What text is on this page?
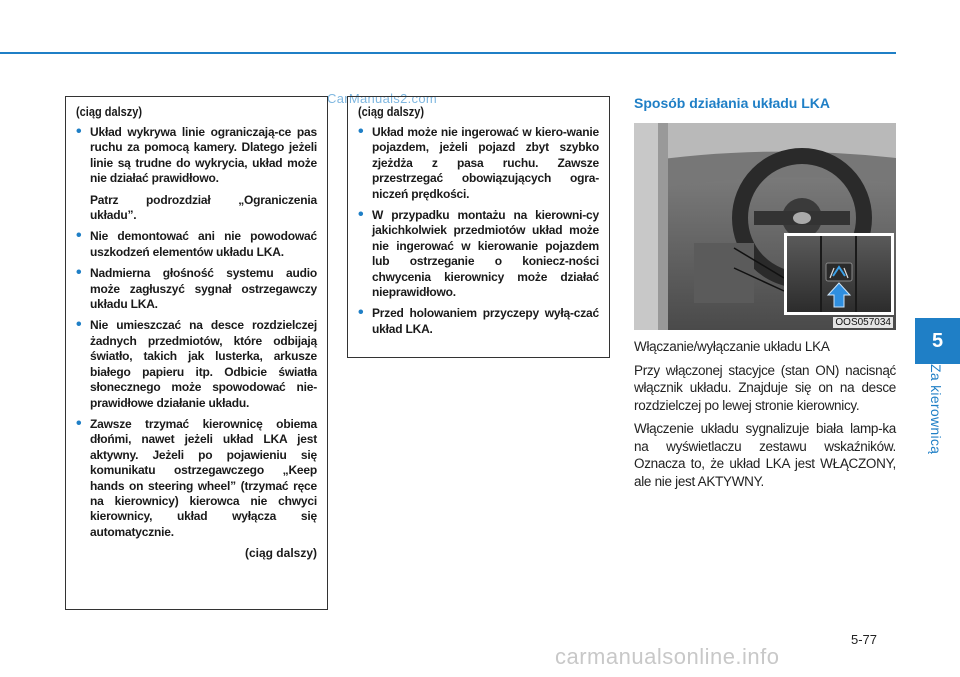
CarManuals2.com
(ciąg dalszy)
• Układ wykrywa linie ograniczają-ce pas ruchu za pomocą kamery. Dlatego jeżeli linie są trudne do wykrycia, układ może nie działać prawidłowo.
Patrz podrozdział „Ograniczenia układu”.
• Nie demontować ani nie powodować uszkodzeń elementów układu LKA.
• Nadmierna głośność systemu audio może zagłuszyć sygnał ostrzegawczy układu LKA.
• Nie umieszczać na desce rozdzielczej żadnych przedmiotów, które odbijają światło, takich jak lusterka, arkusze białego papieru itp. Odbicie światła słonecznego może spowodować nie-prawidłowe działanie układu.
• Zawsze trzymać kierownicę obiema dłońmi, nawet jeżeli układ LKA jest aktywny. Jeżeli po pojawieniu się komunikatu ostrzegawczego „Keep hands on steering wheel” (trzymać ręce na kierownicy) kierowca nie chwyci kierownicy, układ wyłącza się automatycznie.
(ciąg dalszy)
(ciąg dalszy)
• Układ może nie ingerować w kiero-wanie pojazdem, jeżeli pojazd zbyt szybko zjeżdża z pasa ruchu. Zawsze przestrzegać obowiązujących ogra-niczeń prędkości.
• W przypadku montażu na kierowni-cy jakichkolwiek przedmiotów układ może nie ingerować w kierowanie pojazdem lub ostrzeganie o koniecz-ności chwycenia kierownicy może działać nieprawidłowo.
• Przed holowaniem przyczepy wyłą-czać układ LKA.
Sposób działania układu LKA
OOS057034

Włączanie/wyłączanie układu LKA

Przy włączonej stacyjce (stan ON) nacisnąć włącznik układu. Znajduje się on na desce rozdzielczej po lewej stronie kierownicy.

Włączenie układu sygnalizuje biała lamp-ka na wyświetlaczu zestawu wskaźników. Oznacza to, że układ LKA jest WŁĄCZONY, ale nie jest AKTYWNY.

5
Za kierownicą
5-77
carmanualsonline.info
